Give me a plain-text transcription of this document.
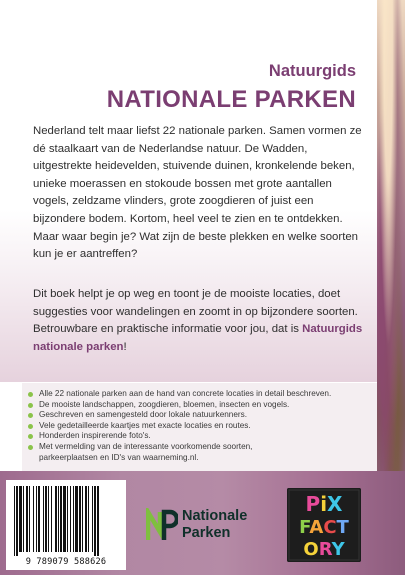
Natuurgids
NATIONALE PARKEN

Nederland telt maar liefst 22 nationale parken. Samen vormen ze dé staalkaart van de Nederlandse natuur. De Wadden, uitgestrekte heidevelden, stuivende duinen, kronkelende beken, unieke moerassen en stokoude bossen met grote aantallen vogels, zeldzame vlinders, grote zoogdieren of juist een bijzondere bodem. Kortom, heel veel te zien en te ontdekken. Maar waar begin je? Wat zijn de beste plekken en welke soorten kun je er aantreffen?

Dit boek helpt je op weg en toont je de mooiste locaties, doet suggesties voor wandelingen en zoomt in op bijzondere soorten. Betrouwbare en praktische informatie voor jou, dat is Natuurgids nationale parken!

Alle 22 nationale parken aan de hand van concrete locaties in detail beschreven.
De mooiste landschappen, zoogdieren, bloemen, insecten en vogels.
Geschreven en samengesteld door lokale natuurkenners.
Vele gedetailleerde kaartjes met exacte locaties en routes.
Honderden inspirerende foto's.
Met vermelding van de interessante voorkomende soorten,
parkeerplaatsen en ID's van waarneming.nl.
9 789079 588626
Nationale
Parken
PiX
FACT
ORY
